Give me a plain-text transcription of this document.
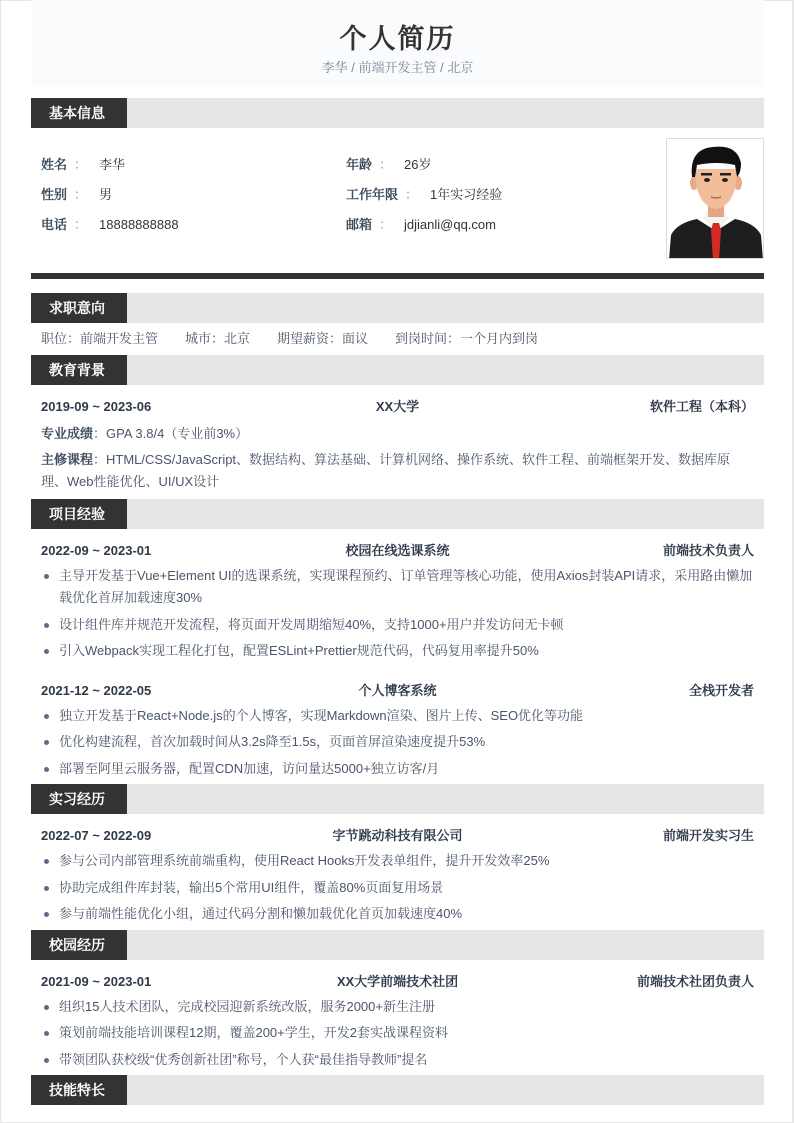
个人简历
李华 / 前端开发主管 / 北京
基本信息
姓名 ： 李华	年龄 ： 26岁
性别 ： 男	工作年限 ： 1年实习经验
电话 ： 18888888888	邮箱 ： jdjianli@qq.com
求职意向
职位：前端开发主管 城市：北京 期望薪资：面议 到岗时间：一个月内到岗
教育背景
2019-09 ~ 2023-06	XX大学	软件工程（本科）
专业成绩：GPA 3.8/4（专业前3%）
主修课程：HTML/CSS/JavaScript、数据结构、算法基础、计算机网络、操作系统、软件工程、前端框架开发、数据库原理、Web性能优化、UI/UX设计
项目经验
2022-09 ~ 2023-01	校园在线选课系统	前端技术负责人
主导开发基于Vue+Element UI的选课系统，实现课程预约、订单管理等核心功能，使用Axios封装API请求，采用路由懒加载优化首屏加载速度30%
设计组件库并规范开发流程，将页面开发周期缩短40%，支持1000+用户并发访问无卡顿
引入Webpack实现工程化打包，配置ESLint+Prettier规范代码，代码复用率提升50%
2021-12 ~ 2022-05	个人博客系统	全栈开发者
独立开发基于React+Node.js的个人博客，实现Markdown渲染、图片上传、SEO优化等功能
优化构建流程，首次加载时间从3.2s降至1.5s，页面首屏渲染速度提升53%
部署至阿里云服务器，配置CDN加速，访问量达5000+独立访客/月
实习经历
2022-07 ~ 2022-09	字节跳动科技有限公司	前端开发实习生
参与公司内部管理系统前端重构，使用React Hooks开发表单组件，提升开发效率25%
协助完成组件库封装，输出5个常用UI组件，覆盖80%页面复用场景
参与前端性能优化小组，通过代码分割和懒加载优化首页加载速度40%
校园经历
2021-09 ~ 2023-01	XX大学前端技术社团	前端技术社团负责人
组织15人技术团队，完成校园迎新系统改版，服务2000+新生注册
策划前端技能培训课程12期，覆盖200+学生，开发2套实战课程资料
带领团队获校级“优秀创新社团”称号，个人获“最佳指导教师”提名
技能特长
